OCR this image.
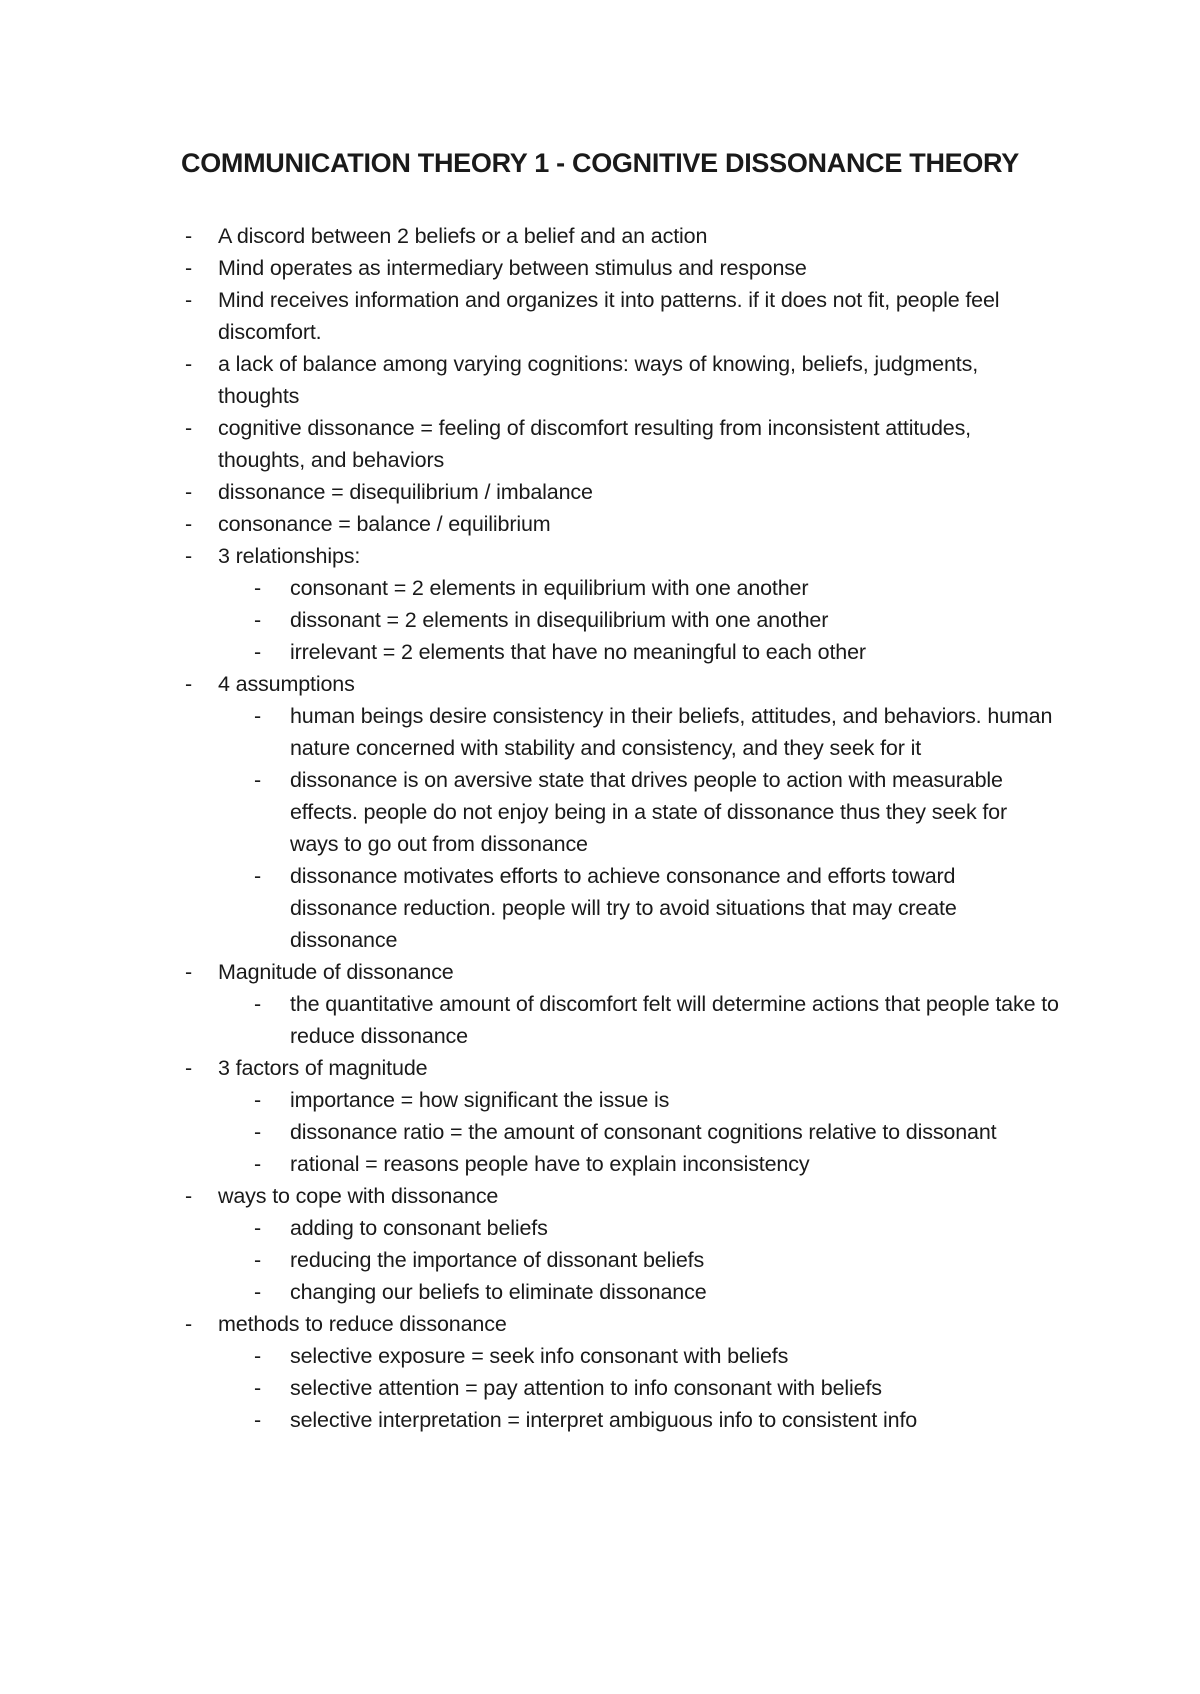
COMMUNICATION THEORY 1 - COGNITIVE DISSONANCE THEORY
- A discord between 2 beliefs or a belief and an action
- Mind operates as intermediary between stimulus and response
- Mind receives information and organizes it into patterns. if it does not fit, people feel discomfort.
- a lack of balance among varying cognitions: ways of knowing, beliefs, judgments, thoughts
- cognitive dissonance = feeling of discomfort resulting from inconsistent attitudes, thoughts, and behaviors
- dissonance = disequilibrium / imbalance
- consonance = balance / equilibrium
- 3 relationships:
- consonant = 2 elements in equilibrium with one another
- dissonant = 2 elements in disequilibrium with one another
- irrelevant = 2 elements that have no meaningful to each other
- 4 assumptions
- human beings desire consistency in their beliefs, attitudes, and behaviors. human nature concerned with stability and consistency, and they seek for it
- dissonance is on aversive state that drives people to action with measurable effects. people do not enjoy being in a state of dissonance thus they seek for ways to go out from dissonance
- dissonance motivates efforts to achieve consonance and efforts toward dissonance reduction. people will try to avoid situations that may create dissonance
- Magnitude of dissonance
- the quantitative amount of discomfort felt will determine actions that people take to reduce dissonance
- 3 factors of magnitude
- importance = how significant the issue is
- dissonance ratio = the amount of consonant cognitions relative to dissonant
- rational = reasons people have to explain inconsistency
- ways to cope with dissonance
- adding to consonant beliefs
- reducing the importance of dissonant beliefs
- changing our beliefs to eliminate dissonance
- methods to reduce dissonance
- selective exposure = seek info consonant with beliefs
- selective attention = pay attention to info consonant with beliefs
- selective interpretation = interpret ambiguous info to consistent info
